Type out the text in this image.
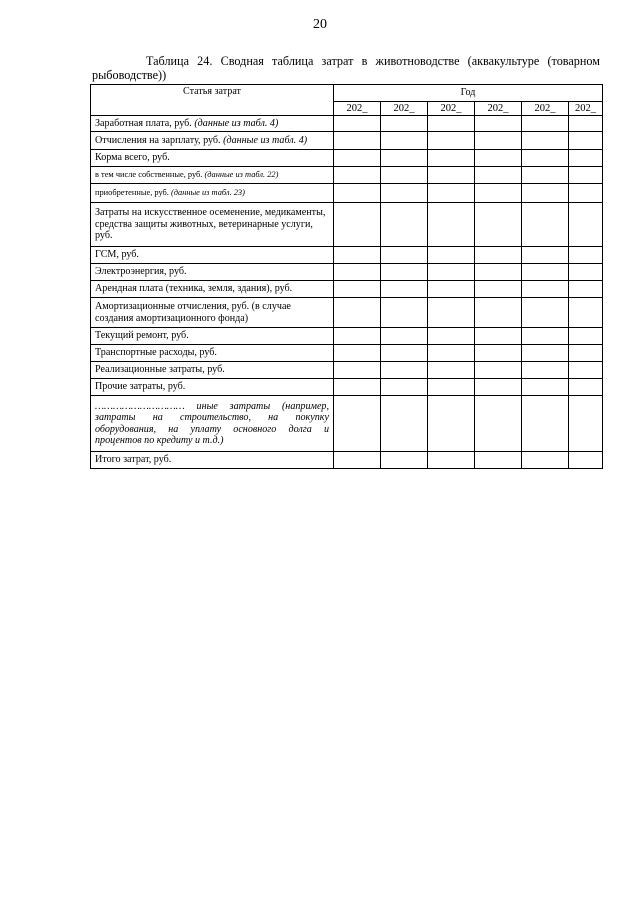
20
Таблица 24. Сводная таблица затрат в животноводстве (аквакультуре (товарном рыбоводстве))
Статья затрат	Год					
	202_	202_	202_	202_	202_	202_
Заработная плата, руб. (данные из табл. 4)						
Отчисления на зарплату, руб. (данные из табл. 4)						
Корма всего, руб.						
в тем числе собственные, руб. (данные из табл. 22)						
приобретенные, руб. (данные из табл. 23)						
Затраты на искусственное осеменение, медикаменты, средства защиты животных, ветеринарные услуги, руб.						
ГСМ, руб.						
Электроэнергия, руб.						
Арендная плата (техника, земля, здания), руб.						
Амортизационные отчисления, руб. (в случае создания амортизационного фонда)						
Текущий ремонт, руб.						
Транспортные расходы, руб.						
Реализационные затраты, руб.						
Прочие затраты, руб.						
………………………… иные затраты (например, затраты на строительство, на покупку оборудования, на уплату основного долга и процентов по кредиту и т.д.)						
Итого затрат, руб.						
